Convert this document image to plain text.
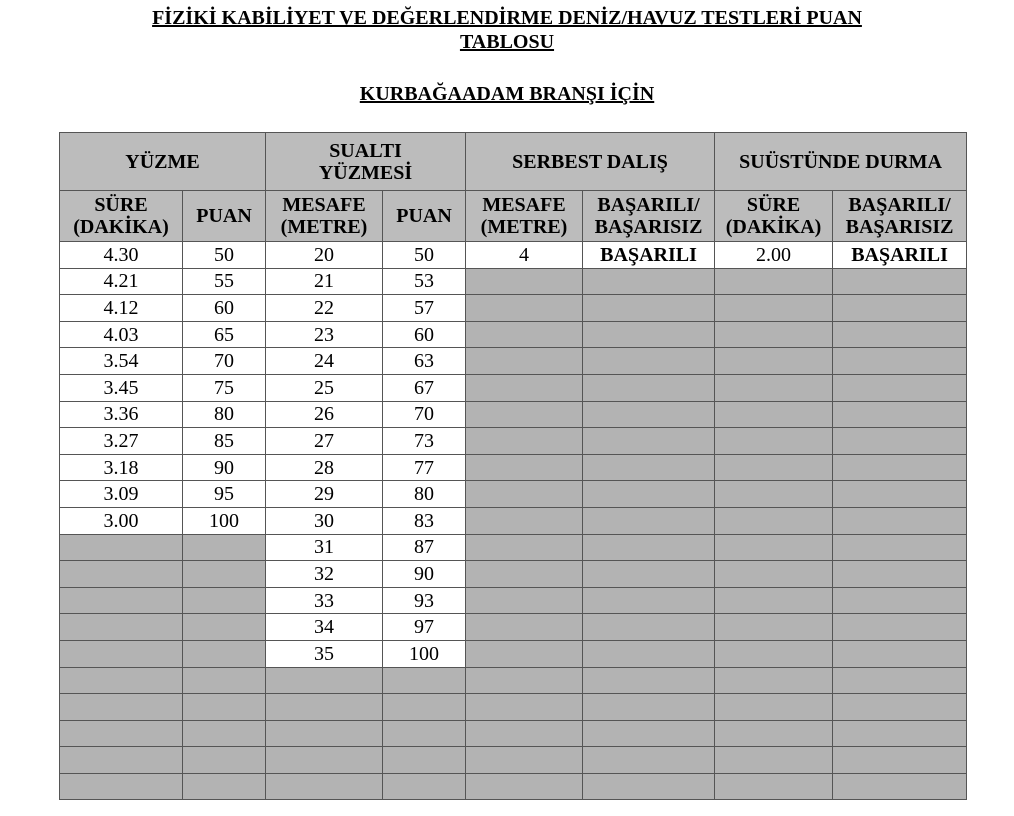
FİZİKİ KABİLİYET VE DEĞERLENDİRME DENİZ/HAVUZ TESTLERİ PUAN
TABLOSU
KURBAĞAADAM BRANŞI İÇİN
YÜZME		SUALTI YÜZMESİ		SERBEST DALIŞ		SUÜSTÜNDE DURMA	
SÜRE (DAKİKA)	PUAN	MESAFE (METRE)	PUAN	MESAFE (METRE)	BAŞARILI/ BAŞARISIZ	SÜRE (DAKİKA)	BAŞARILI/ BAŞARISIZ
4.30	50	20	50	4	BAŞARILI	2.00	BAŞARILI
4.21	55	21	53				
4.12	60	22	57				
4.03	65	23	60				
3.54	70	24	63				
3.45	75	25	67				
3.36	80	26	70				
3.27	85	27	73				
3.18	90	28	77				
3.09	95	29	80				
3.00	100	30	83				
		31	87				
		32	90				
		33	93				
		34	97				
		35	100				
